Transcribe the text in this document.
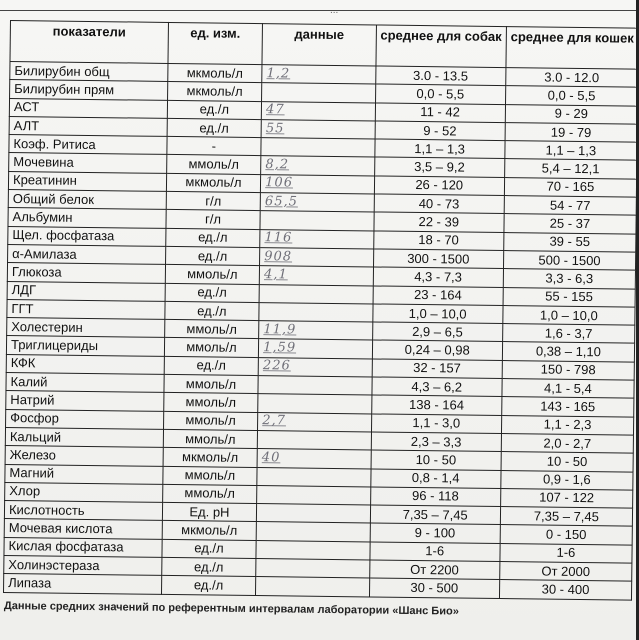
...
показатели	ед. изм.	данные	среднее для собак	среднее для кошек
Билирубин общ	мкмоль/л	1,2	3.0 - 13.5	3.0 - 12.0
Билирубин прям	мкмоль/л		0,0 - 5,5	0,0 - 5,5
АСТ	ед./л	47	11 - 42	9 - 29
АЛТ	ед./л	55	9 - 52	19 - 79
Коэф. Ритиса	-		1,1 – 1,3	1,1 – 1,3
Мочевина	ммоль/л	8,2	3,5 – 9,2	5,4 – 12,1
Креатинин	мкмоль/л	106	26 - 120	70 - 165
Общий белок	г/л	65,5	40 - 73	54 - 77
Альбумин	г/л		22 - 39	25 - 37
Щел. фосфатаза	ед./л	116	18 - 70	39 - 55
α-Амилаза	ед./л	908	300 - 1500	500 - 1500
Глюкоза	ммоль/л	4,1	4,3 - 7,3	3,3 - 6,3
ЛДГ	ед./л		23 - 164	55 - 155
ГГТ	ед./л		1,0 – 10,0	1,0 – 10,0
Холестерин	ммоль/л	11,9	2,9 – 6,5	1,6 - 3,7
Триглицериды	ммоль/л	1,59	0,24 – 0,98	0,38 – 1,10
КФК	ед./л	226	32 - 157	150 - 798
Калий	ммоль/л		4,3 – 6,2	4,1 - 5,4
Натрий	ммоль/л		138 - 164	143 - 165
Фосфор	ммоль/л	2,7	1,1 - 3,0	1,1 - 2,3
Кальций	ммоль/л		2,3 – 3,3	2,0 - 2,7
Железо	мкмоль/л	40	10 - 50	10 - 50
Магний	ммоль/л		0,8 - 1,4	0,9 - 1,6
Хлор	ммоль/л		96 - 118	107 - 122
Кислотность	Ед. pH		7,35 – 7,45	7,35 – 7,45
Мочевая кислота	мкмоль/л		9 - 100	0 - 150
Кислая фосфатаза	ед./л		1-6	1-6
Холинэстераза	ед./л		От 2200	От 2000
Липаза	ед./л		30 - 500	30 - 400
Данные средних значений по референтным интервалам лаборатории «Шанс Био»
